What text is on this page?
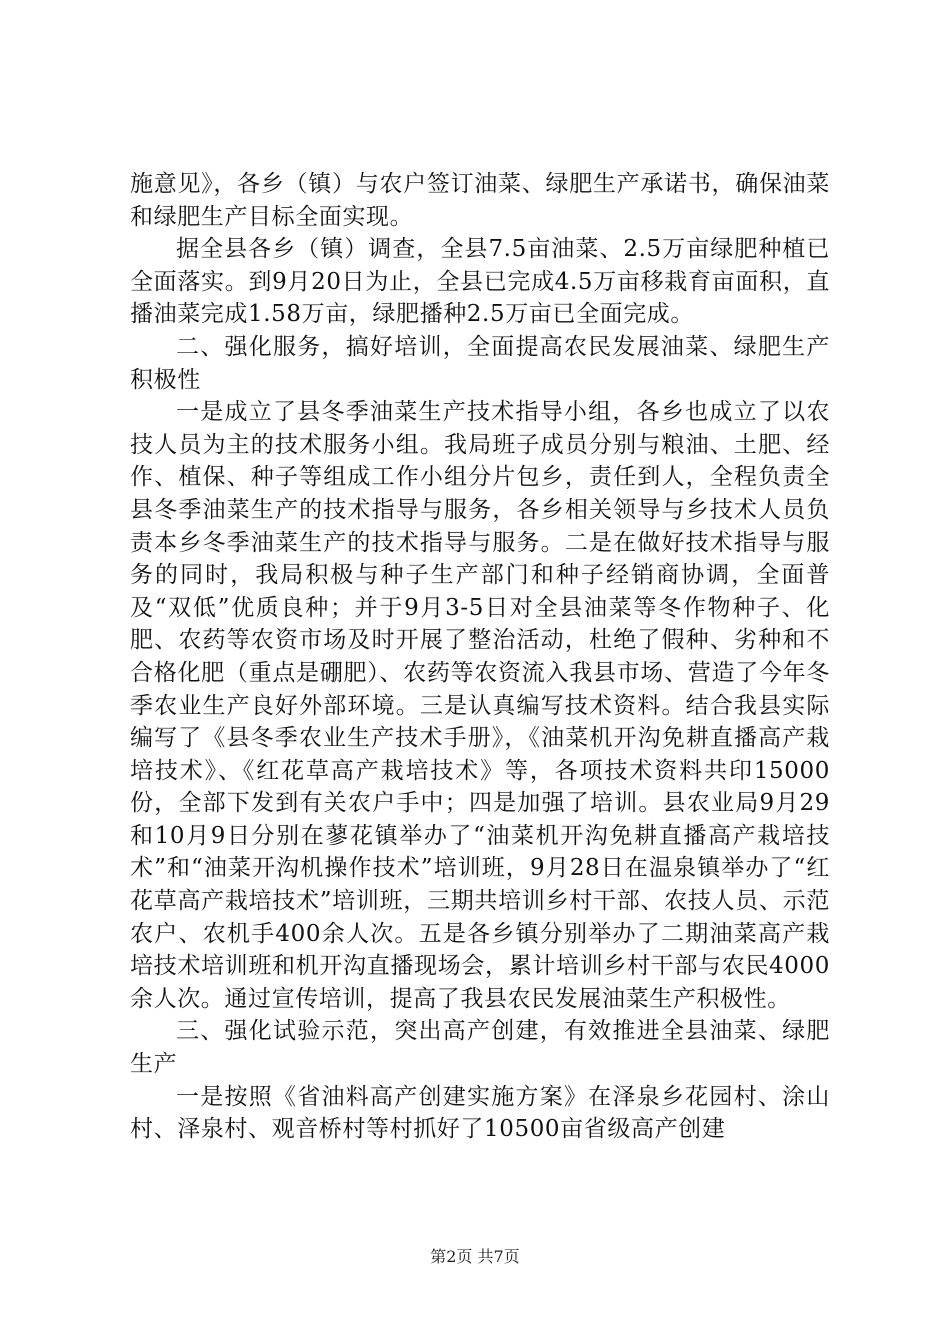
施意见》，各乡（镇）与农户签订油菜、绿肥生产承诺书，确保油菜和绿肥生产目标全面实现。

据全县各乡（镇）调查，全县7.5亩油菜、2.5万亩绿肥种植已全面落实。到9月20日为止，全县已完成4.5万亩移栽育亩面积，直播油菜完成1.58万亩，绿肥播种2.5万亩已全面完成。

二、强化服务，搞好培训，全面提高农民发展油菜、绿肥生产积极性

一是成立了县冬季油菜生产技术指导小组，各乡也成立了以农技人员为主的技术服务小组。我局班子成员分别与粮油、土肥、经作、植保、种子等组成工作小组分片包乡，责任到人，全程负责全县冬季油菜生产的技术指导与服务，各乡相关领导与乡技术人员负责本乡冬季油菜生产的技术指导与服务。二是在做好技术指导与服务的同时，我局积极与种子生产部门和种子经销商协调，全面普及“双低”优质良种；并于9月3-5日对全县油菜等冬作物种子、化肥、农药等农资市场及时开展了整治活动，杜绝了假种、劣种和不合格化肥（重点是硼肥）、农药等农资流入我县市场、营造了今年冬季农业生产良好外部环境。三是认真编写技术资料。结合我县实际编写了《县冬季农业生产技术手册》，《油菜机开沟免耕直播高产栽培技术》、《红花草高产栽培技术》等，各项技术资料共印15000份，全部下发到有关农户手中；四是加强了培训。县农业局9月29和10月9日分别在蓼花镇举办了“油菜机开沟免耕直播高产栽培技术”和“油菜开沟机操作技术”培训班，9月28日在温泉镇举办了“红花草高产栽培技术”培训班，三期共培训乡村干部、农技人员、示范农户、农机手400余人次。五是各乡镇分别举办了二期油菜高产栽培技术培训班和机开沟直播现场会，累计培训乡村干部与农民4000余人次。通过宣传培训，提高了我县农民发展油菜生产积极性。

三、强化试验示范，突出高产创建，有效推进全县油菜、绿肥生产

一是按照《省油料高产创建实施方案》在泽泉乡花园村、涂山村、泽泉村、观音桥村等村抓好了10500亩省级高产创建

第2页 共7页
